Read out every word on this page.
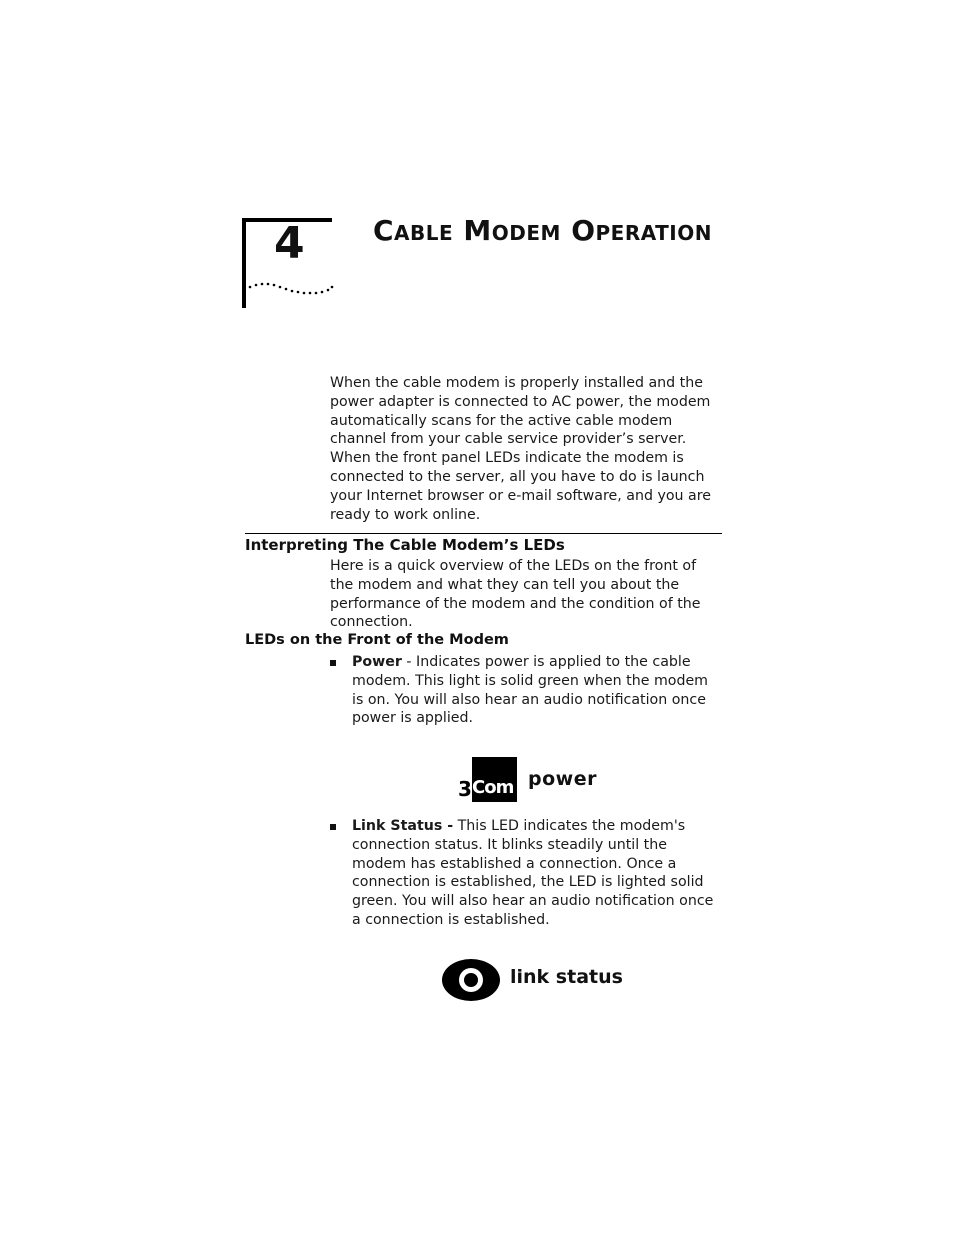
4 Cable Modem Operation

When the cable modem is properly installed and the power adapter is connected to AC power, the modem automatically scans for the active cable modem channel from your cable service provider’s server. When the front panel LEDs indicate the modem is connected to the server, all you have to do is launch your Internet browser or e-mail software, and you are ready to work online.

Interpreting The Cable Modem’s LEDs

Here is a quick overview of the LEDs on the front of the modem and what they can tell you about the performance of the modem and the condition of the connection.

LEDs on the Front of the Modem
Power - Indicates power is applied to the cable modem. This light is solid green when the modem is on. You will also hear an audio notification once power is applied.
3 Com power
Link Status - This LED indicates the modem's connection status. It blinks steadily until the modem has established a connection. Once a connection is established, the LED is lighted solid green. You will also hear an audio notification once a connection is established.
link status
